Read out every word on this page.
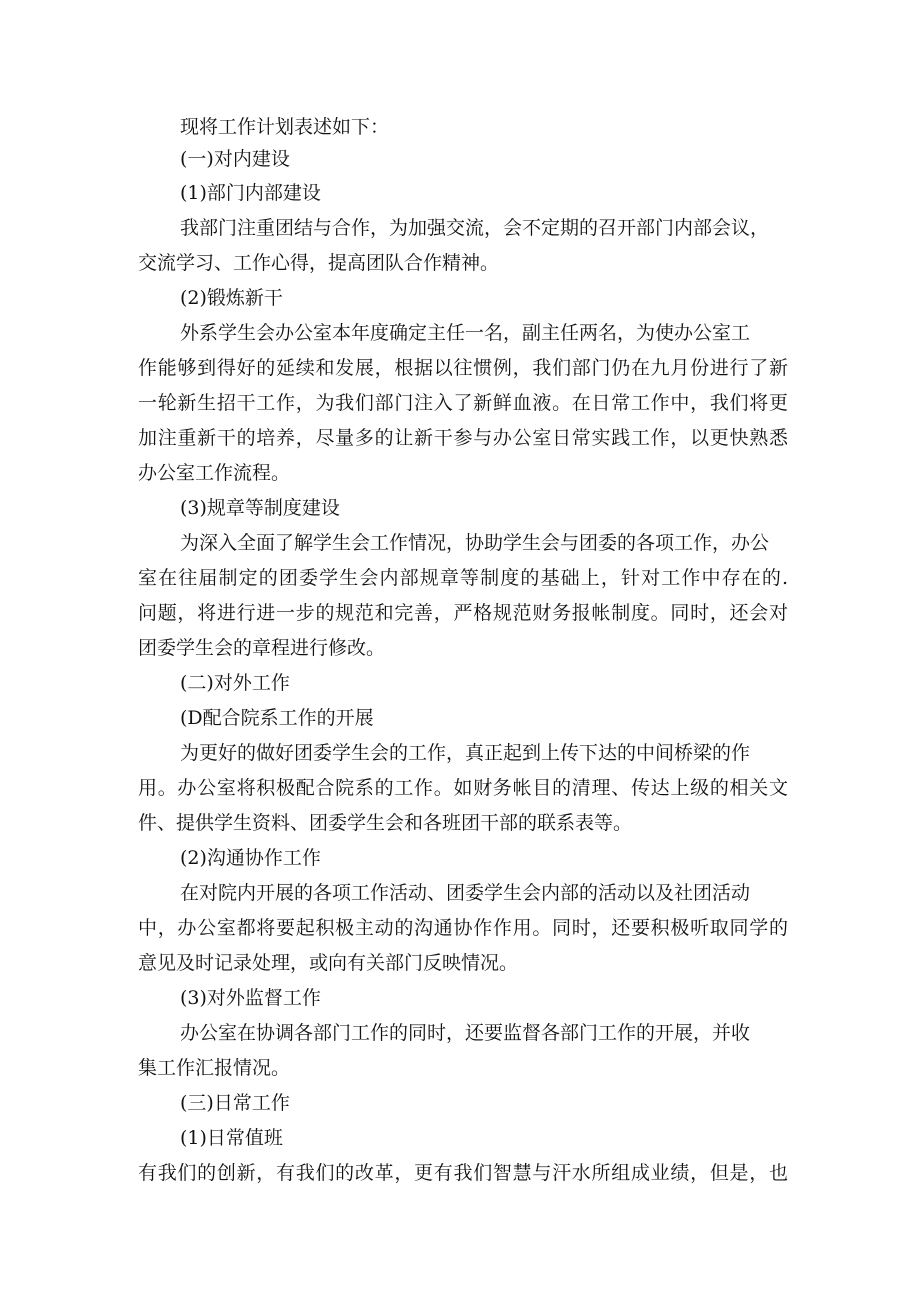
现将工作计划表述如下：
(一)对内建设
(1)部门内部建设
我部门注重团结与合作，为加强交流，会不定期的召开部门内部会议，
交流学习、工作心得，提高团队合作精神。
(2)锻炼新干
外系学生会办公室本年度确定主任一名，副主任两名，为使办公室工
作能够到得好的延续和发展，根据以往惯例，我们部门仍在九月份进行了新
一轮新生招干工作，为我们部门注入了新鲜血液。在日常工作中，我们将更
加注重新干的培养，尽量多的让新干参与办公室日常实践工作，以更快熟悉
办公室工作流程。
(3)规章等制度建设
为深入全面了解学生会工作情况，协助学生会与团委的各项工作，办公
室在往届制定的团委学生会内部规章等制度的基础上，针对工作中存在的.
问题，将进行进一步的规范和完善，严格规范财务报帐制度。同时，还会对
团委学生会的章程进行修改。
(二)对外工作
(D配合院系工作的开展
为更好的做好团委学生会的工作，真正起到上传下达的中间桥梁的作
用。办公室将积极配合院系的工作。如财务帐目的清理、传达上级的相关文
件、提供学生资料、团委学生会和各班团干部的联系表等。
(2)沟通协作工作
在对院内开展的各项工作活动、团委学生会内部的活动以及社团活动
中，办公室都将要起积极主动的沟通协作作用。同时，还要积极听取同学的
意见及时记录处理，或向有关部门反映情况。
(3)对外监督工作
办公室在协调各部门工作的同时，还要监督各部门工作的开展，并收
集工作汇报情况。
(三)日常工作
(1)日常值班
有我们的创新，有我们的改革，更有我们智慧与汗水所组成业绩，但是，也
